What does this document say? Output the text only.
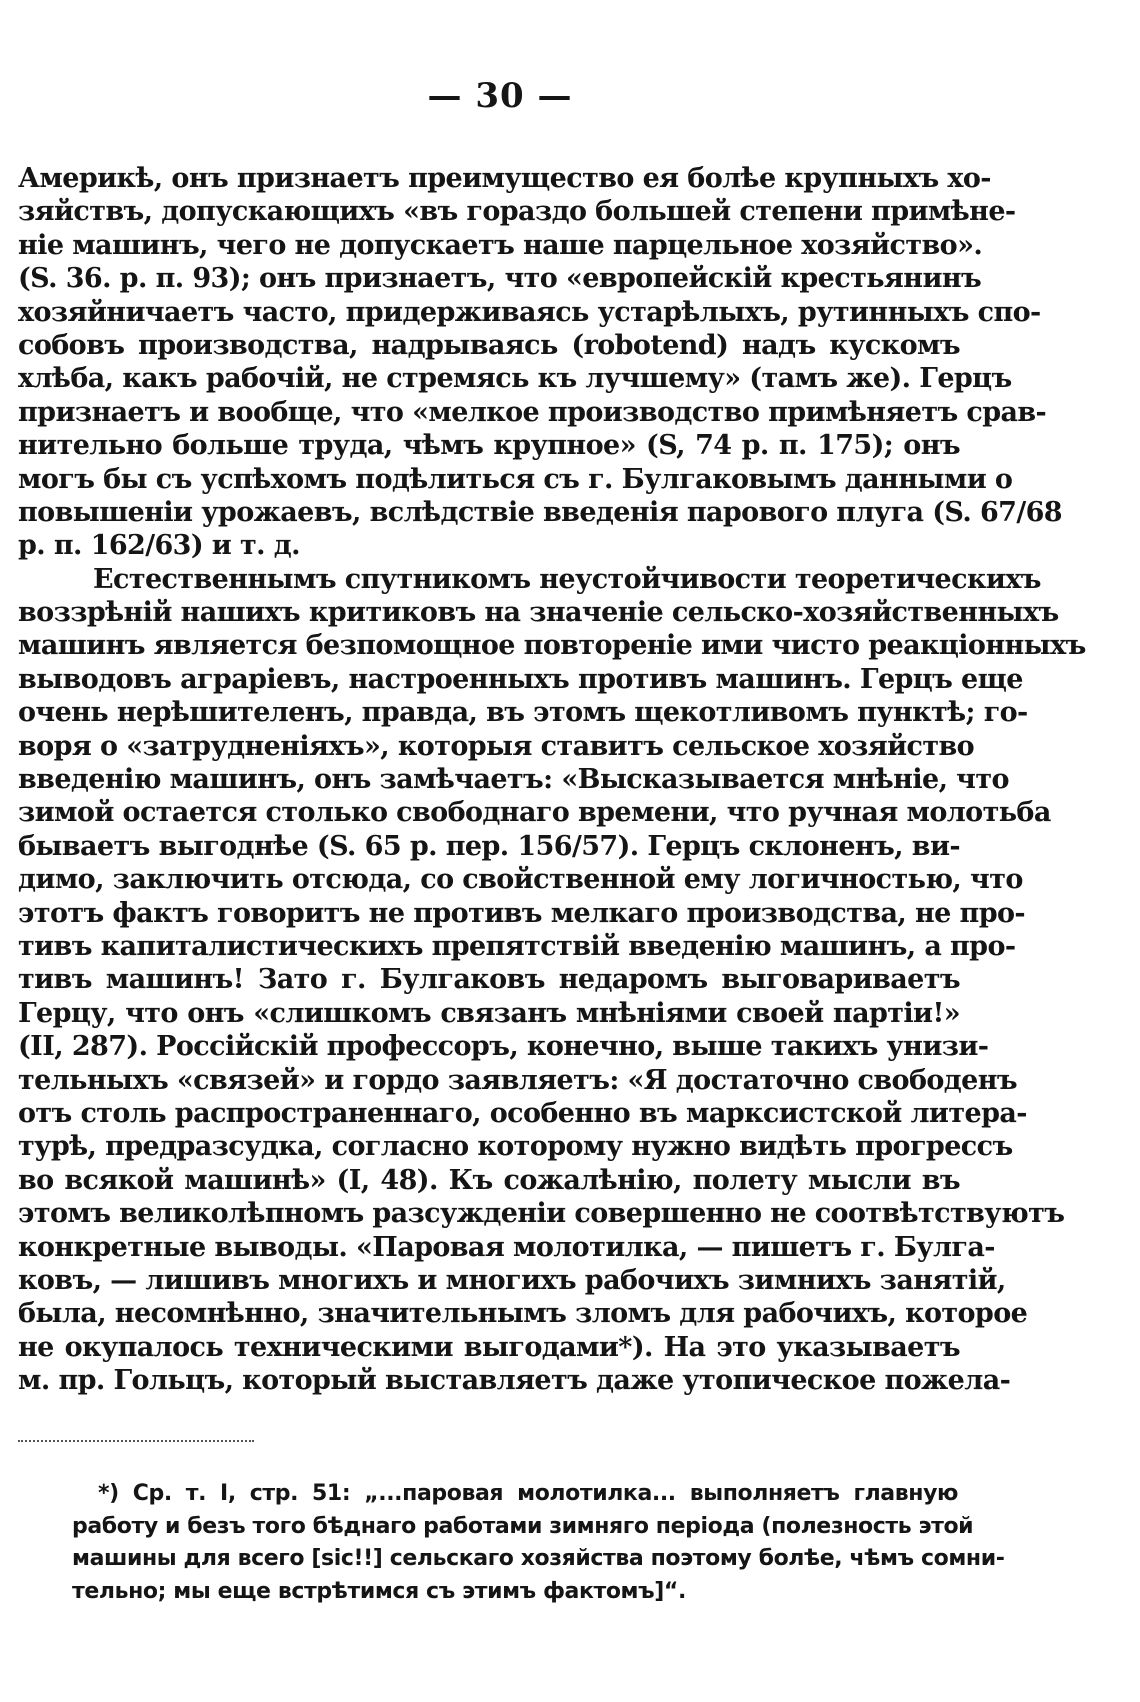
— 30 —
Америкѣ, онъ признаетъ преимущество ея болѣе крупныхъ хо-
зяйствъ, допускающихъ «въ гораздо большей степени примѣне-
ніе машинъ, чего не допускаетъ наше парцельное хозяйство».
(S. 36. p. п. 93); онъ признаетъ, что «европейскій крестьянинъ
хозяйничаетъ часто, придерживаясь устарѣлыхъ, рутинныхъ спо-
собовъ производства, надрываясь (robotend) надъ кускомъ
хлѣба, какъ рабочій, не стремясь къ лучшему» (тамъ же). Герцъ
признаетъ и вообще, что «мелкое производство примѣняетъ срав-
нительно больше труда, чѣмъ крупное» (S, 74 p. п. 175); онъ
могъ бы съ успѣхомъ подѣлиться съ г. Булгаковымъ данными о
повышеніи урожаевъ, вслѣдствіе введенія парового плуга (S. 67/68
p. п. 162/63) и т. д.
Естественнымъ спутникомъ неустойчивости теоретическихъ
воззрѣній нашихъ критиковъ на значеніе сельско-хозяйственныхъ
машинъ является безпомощное повтореніе ими чисто реакціонныхъ
выводовъ аграріевъ, настроенныхъ противъ машинъ. Герцъ еще
очень нерѣшителенъ, правда, въ этомъ щекотливомъ пунктѣ; го-
воря о «затрудненіяхъ», которыя ставитъ сельское хозяйство
введенію машинъ, онъ замѣчаетъ: «Высказывается мнѣніе, что
зимой остается столько свободнаго времени, что ручная молотьба
бываетъ выгоднѣе (S. 65 p. пер. 156/57). Герцъ склоненъ, ви-
димо, заключить отсюда, со свойственной ему логичностью, что
этотъ фактъ говоритъ не противъ мелкаго производства, не про-
тивъ капиталистическихъ препятствій введенію машинъ, а про-
тивъ машинъ! Зато г. Булгаковъ недаромъ выговариваетъ
Герцу, что онъ «слишкомъ связанъ мнѣніями своей партіи!»
(II, 287). Россійскій профессоръ, конечно, выше такихъ унизи-
тельныхъ «связей» и гордо заявляетъ: «Я достаточно свободенъ
отъ столь распространеннаго, особенно въ марксистской литера-
турѣ, предразсудка, согласно которому нужно видѣть прогрессъ
во всякой машинѣ» (I, 48). Къ сожалѣнію, полету мысли въ
этомъ великолѣпномъ разсужденіи совершенно не соотвѣтствуютъ
конкретные выводы. «Паровая молотилка, — пишетъ г. Булга-
ковъ, — лишивъ многихъ и многихъ рабочихъ зимнихъ занятій,
была, несомнѣнно, значительнымъ зломъ для рабочихъ, которое
не окупалось техническими выгодами*). На это указываетъ
м. пр. Гольцъ, который выставляетъ даже утопическое пожела-
*) Ср. т. I, стр. 51: „...паровая молотилка... выполняетъ главную
работу и безъ того бѣднаго работами зимняго періода (полезность этой
машины для всего [sic!!] сельскаго хозяйства поэтому болѣе, чѣмъ сомни-
тельно; мы еще встрѣтимся съ этимъ фактомъ]“.
